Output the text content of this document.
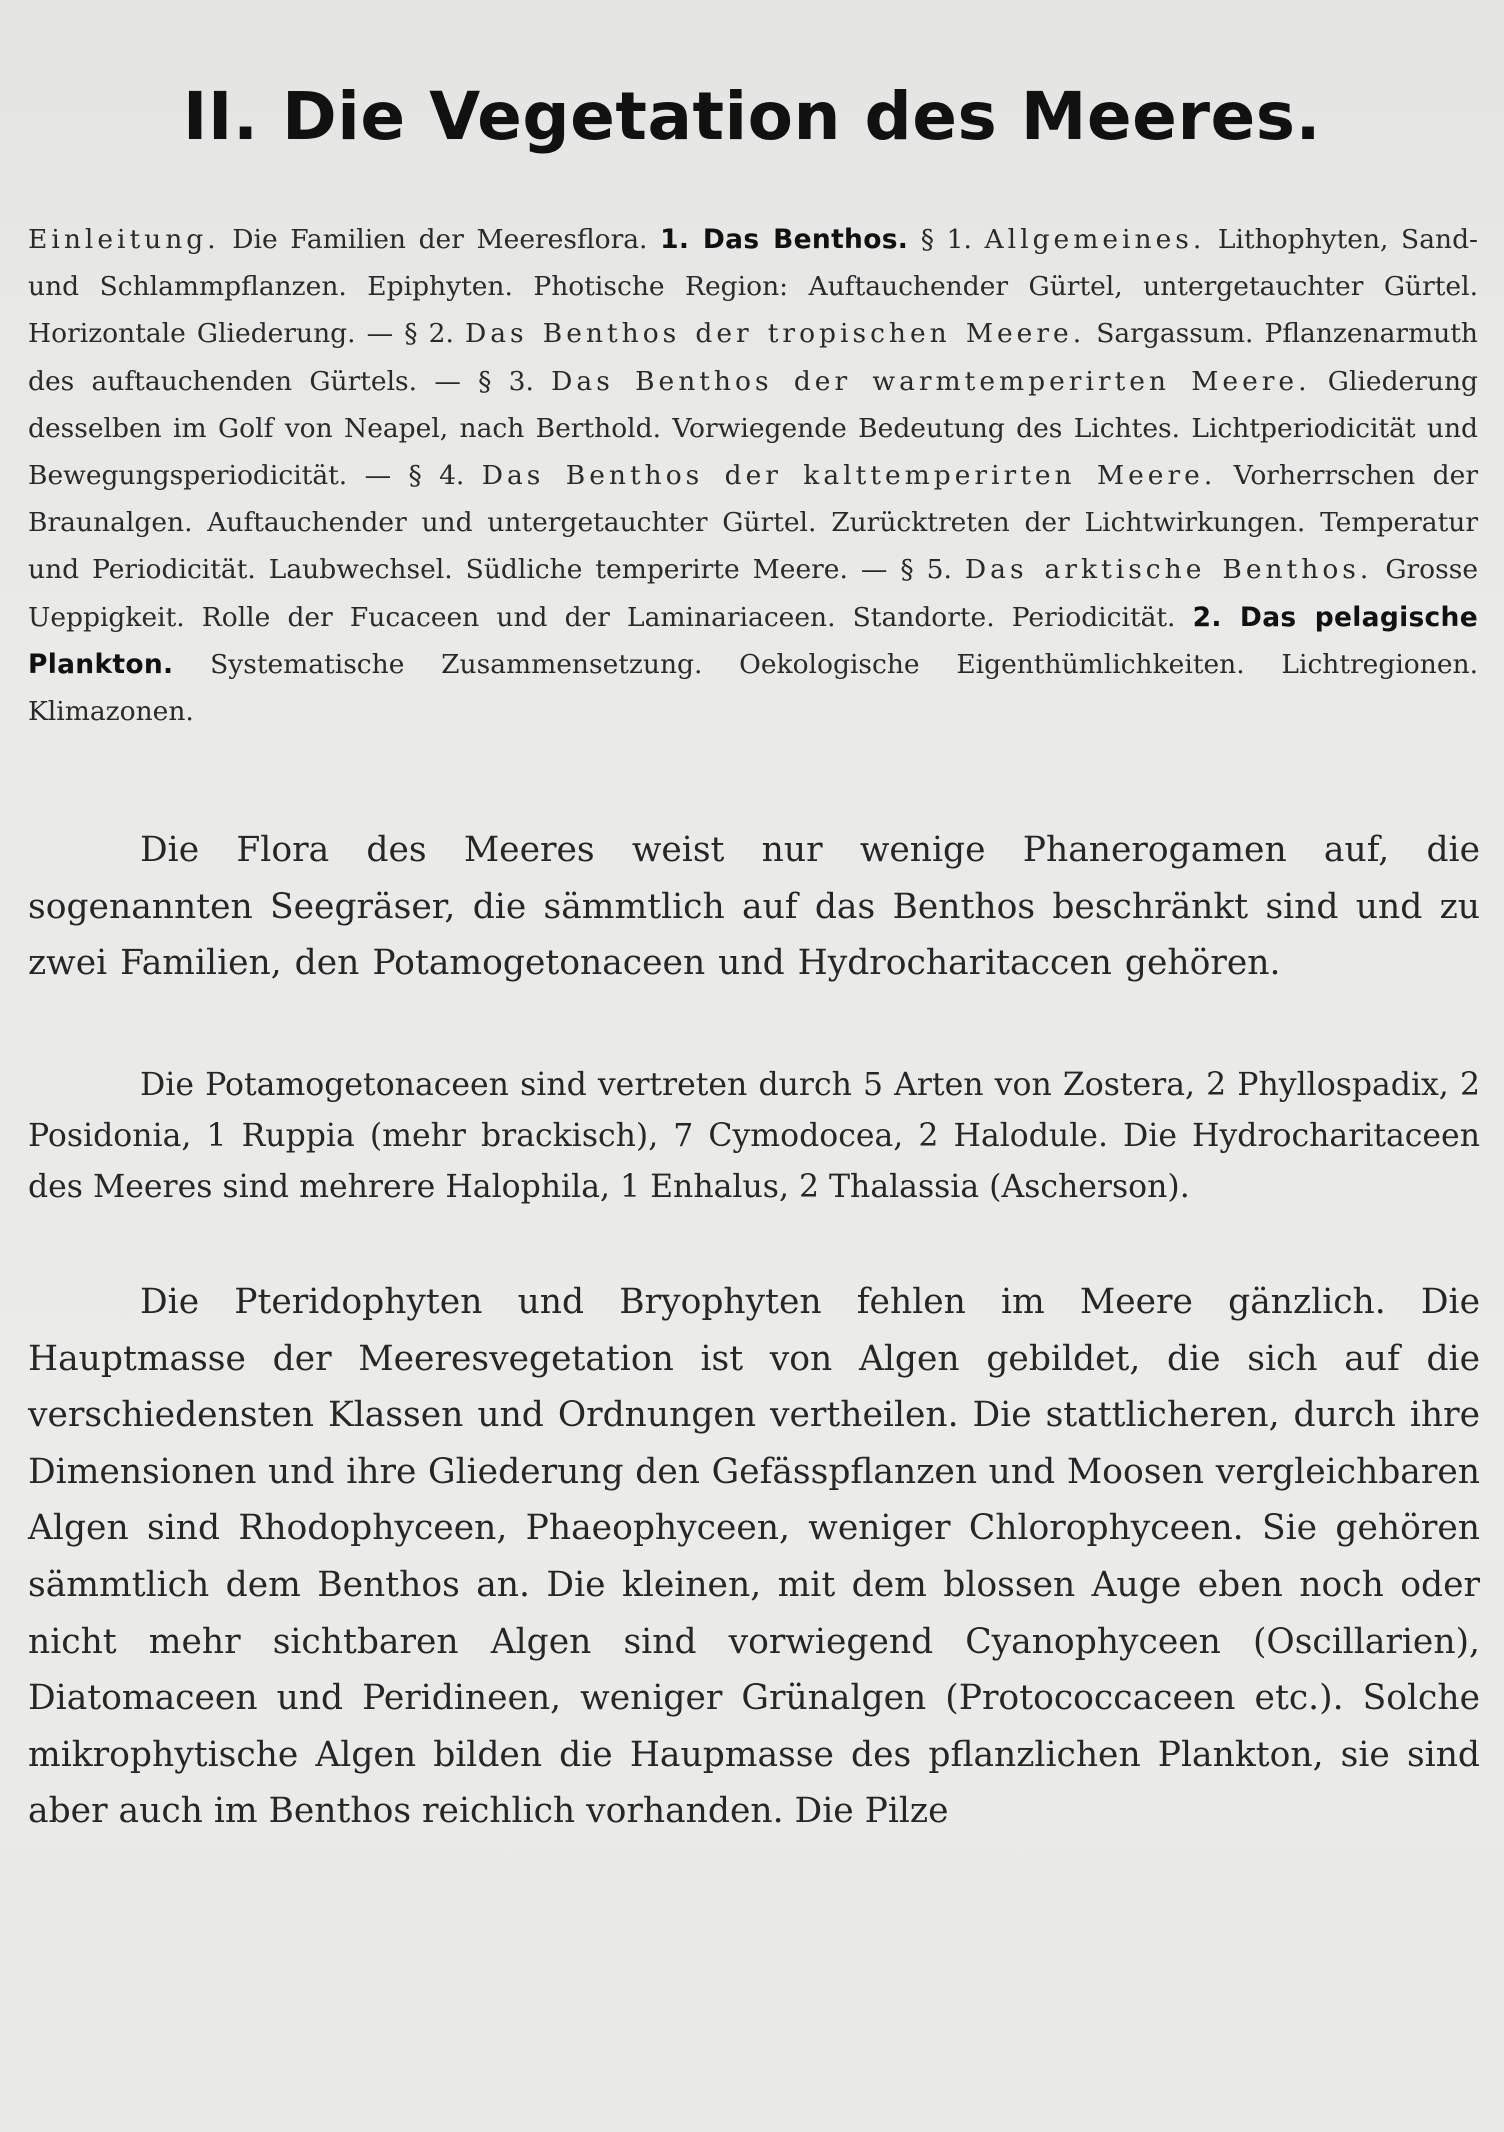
II. Die Vegetation des Meeres.

Einleitung. Die Familien der Meeresflora. 1. Das Benthos. § 1. Allgemeines. Lithophyten, Sand- und Schlammpflanzen. Epiphyten. Photische Region: Auftauchender Gürtel, untergetauchter Gürtel. Horizontale Gliederung. — § 2. Das Benthos der tropischen Meere. Sargassum. Pflanzenarmuth des auftauchenden Gürtels. — § 3. Das Benthos der warmtemperirten Meere. Gliederung desselben im Golf von Neapel, nach Berthold. Vorwiegende Bedeutung des Lichtes. Lichtperiodicität und Bewegungsperiodicität. — § 4. Das Benthos der kalttemperirten Meere. Vorherrschen der Braunalgen. Auftauchender und untergetauchter Gürtel. Zurücktreten der Lichtwirkungen. Temperatur und Periodicität. Laubwechsel. Südliche temperirte Meere. — § 5. Das arktische Benthos. Grosse Ueppigkeit. Rolle der Fucaceen und der Laminariaceen. Standorte. Periodicität. 2. Das pelagische Plankton. Systematische Zusammensetzung. Oekologische Eigenthümlichkeiten. Lichtregionen. Klimazonen.

Die Flora des Meeres weist nur wenige Phanerogamen auf, die sogenannten Seegräser, die sämmtlich auf das Benthos beschränkt sind und zu zwei Familien, den Potamogetonaceen und Hydrocharitaccen gehören.

Die Potamogetonaceen sind vertreten durch 5 Arten von Zostera, 2 Phyllospadix, 2 Posidonia, 1 Ruppia (mehr brackisch), 7 Cymodocea, 2 Halodule. Die Hydrocharitaceen des Meeres sind mehrere Halophila, 1 Enhalus, 2 Thalassia (Ascherson).

Die Pteridophyten und Bryophyten fehlen im Meere gänzlich. Die Hauptmasse der Meeresvegetation ist von Algen gebildet, die sich auf die verschiedensten Klassen und Ordnungen vertheilen. Die stattlicheren, durch ihre Dimensionen und ihre Gliederung den Gefässpflanzen und Moosen vergleichbaren Algen sind Rhodophyceen, Phaeophyceen, weniger Chlorophyceen. Sie gehören sämmtlich dem Benthos an. Die kleinen, mit dem blossen Auge eben noch oder nicht mehr sichtbaren Algen sind vorwiegend Cyanophyceen (Oscillarien), Diatomaceen und Peridineen, weniger Grünalgen (Protococcaceen etc.). Solche mikrophytische Algen bilden die Haupmasse des pflanzlichen Plankton, sie sind aber auch im Benthos reichlich vorhanden. Die Pilze
